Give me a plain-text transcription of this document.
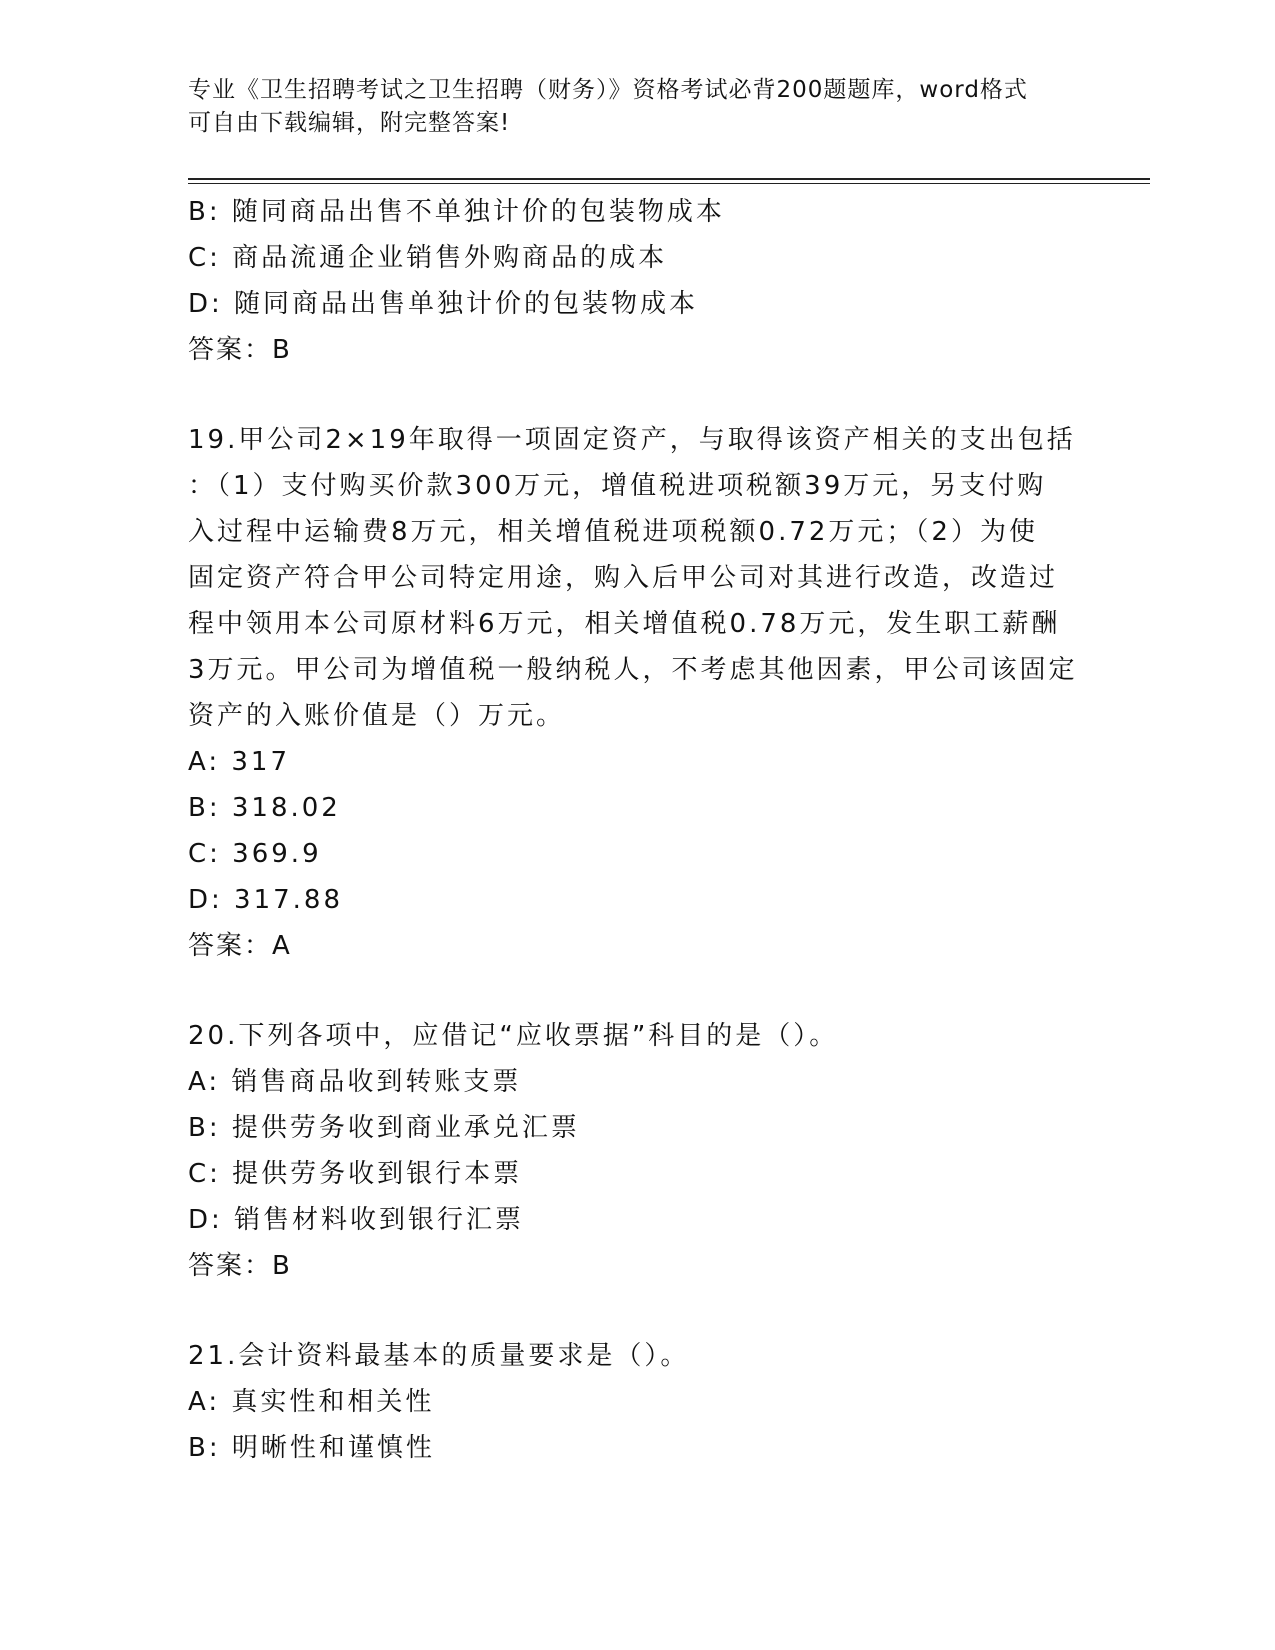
专业《卫生招聘考试之卫生招聘（财务）》资格考试必背200题题库，word格式
可自由下载编辑，附完整答案!
B: 随同商品出售不单独计价的包装物成本
C: 商品流通企业销售外购商品的成本
D: 随同商品出售单独计价的包装物成本
答案：B
19.甲公司2×19年取得一项固定资产，与取得该资产相关的支出包括
：（1）支付购买价款300万元，增值税进项税额39万元，另支付购
入过程中运输费8万元，相关增值税进项税额0.72万元；（2）为使
固定资产符合甲公司特定用途，购入后甲公司对其进行改造，改造过
程中领用本公司原材料6万元，相关增值税0.78万元，发生职工薪酬
3万元。甲公司为增值税一般纳税人，不考虑其他因素，甲公司该固定
资产的入账价值是（）万元。
A: 317
B: 318.02
C: 369.9
D: 317.88
答案：A
20.下列各项中，应借记“应收票据”科目的是（）。
A: 销售商品收到转账支票
B: 提供劳务收到商业承兑汇票
C: 提供劳务收到银行本票
D: 销售材料收到银行汇票
答案：B
21.会计资料最基本的质量要求是（）。
A: 真实性和相关性
B: 明晰性和谨慎性
